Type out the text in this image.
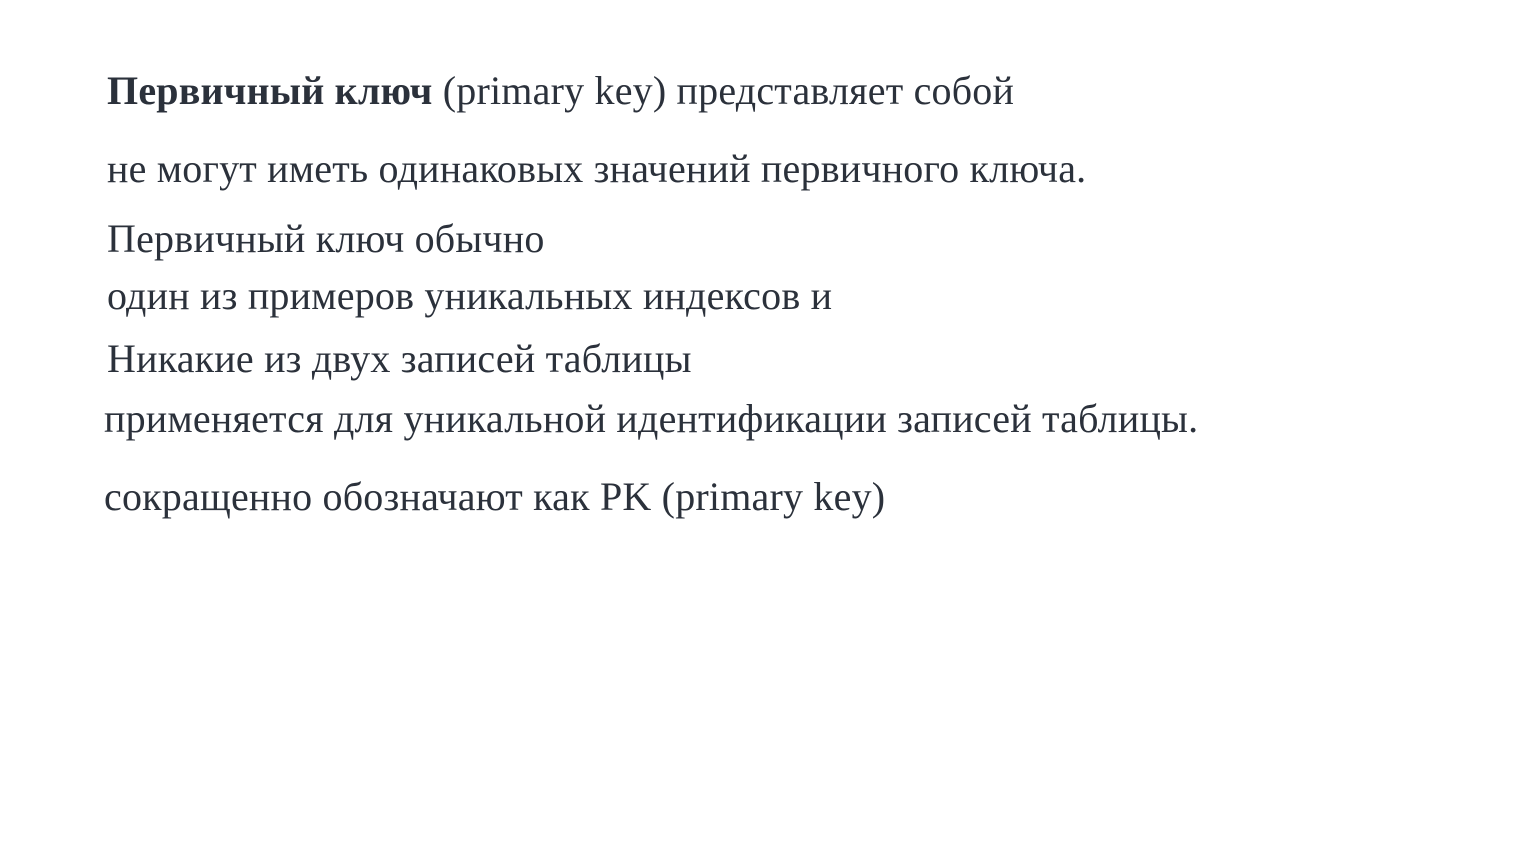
Первичный ключ (primary key) представляет собой
не могут иметь одинаковых значений первичного ключа.
Первичный ключ обычно
один из примеров уникальных индексов и
Никакие из двух записей таблицы
применяется для уникальной идентификации записей таблицы.
сокращенно обозначают как PK (primary key)
